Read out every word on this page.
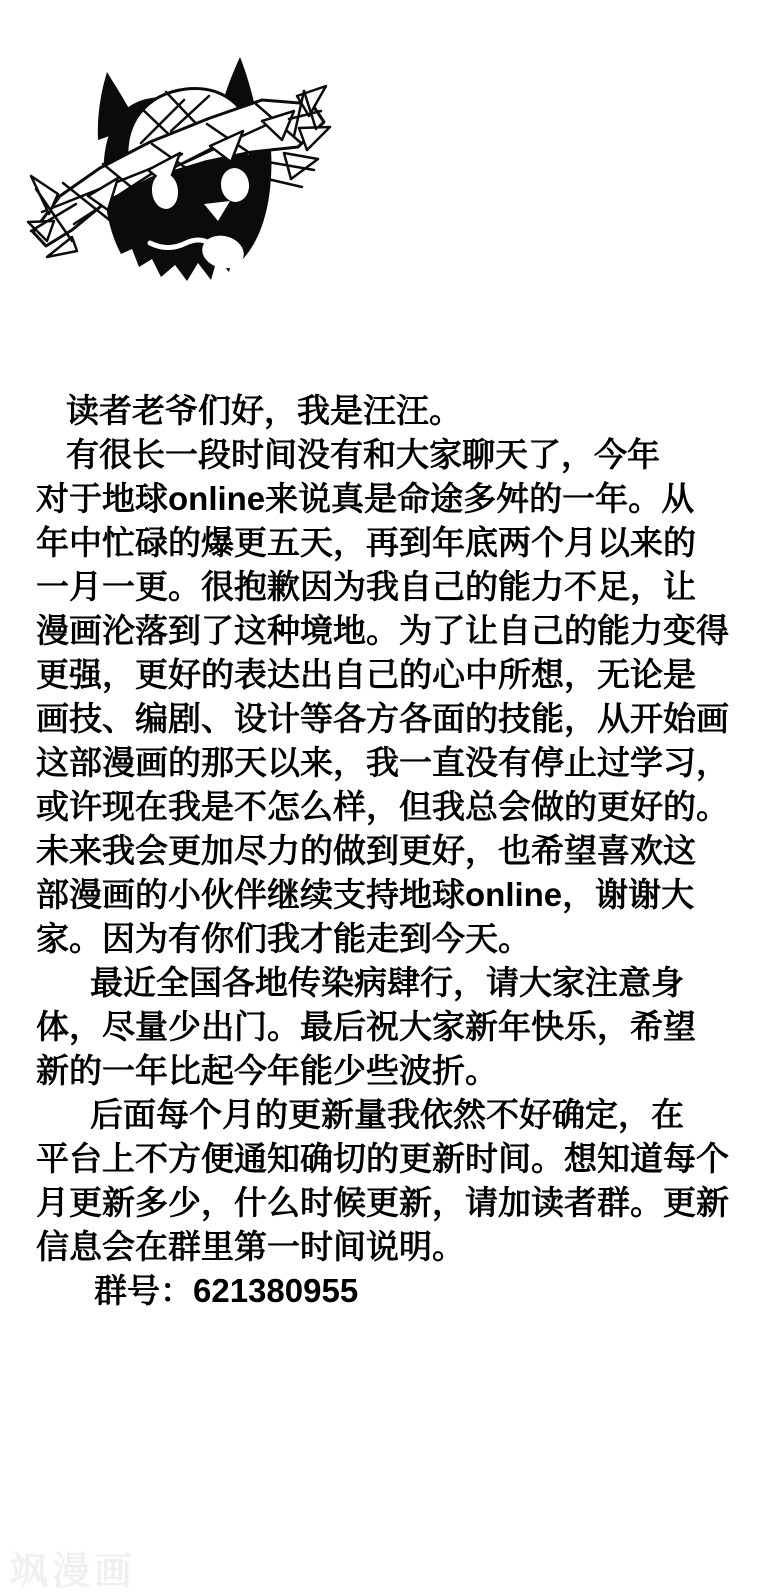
读者老爷们好，我是汪汪。
有很长一段时间没有和大家聊天了，今年
对于地球online来说真是命途多舛的一年。从
年中忙碌的爆更五天，再到年底两个月以来的
一月一更。很抱歉因为我自己的能力不足，让
漫画沦落到了这种境地。为了让自己的能力变得
更强，更好的表达出自己的心中所想，无论是
画技、编剧、设计等各方各面的技能，从开始画
这部漫画的那天以来，我一直没有停止过学习，
或许现在我是不怎么样，但我总会做的更好的。
未来我会更加尽力的做到更好，也希望喜欢这
部漫画的小伙伴继续支持地球online，谢谢大
家。因为有你们我才能走到今天。
最近全国各地传染病肆行，请大家注意身
体，尽量少出门。最后祝大家新年快乐，希望
新的一年比起今年能少些波折。
后面每个月的更新量我依然不好确定，在
平台上不方便通知确切的更新时间。想知道每个
月更新多少，什么时候更新，请加读者群。更新
信息会在群里第一时间说明。
群号：621380955
飒漫画
